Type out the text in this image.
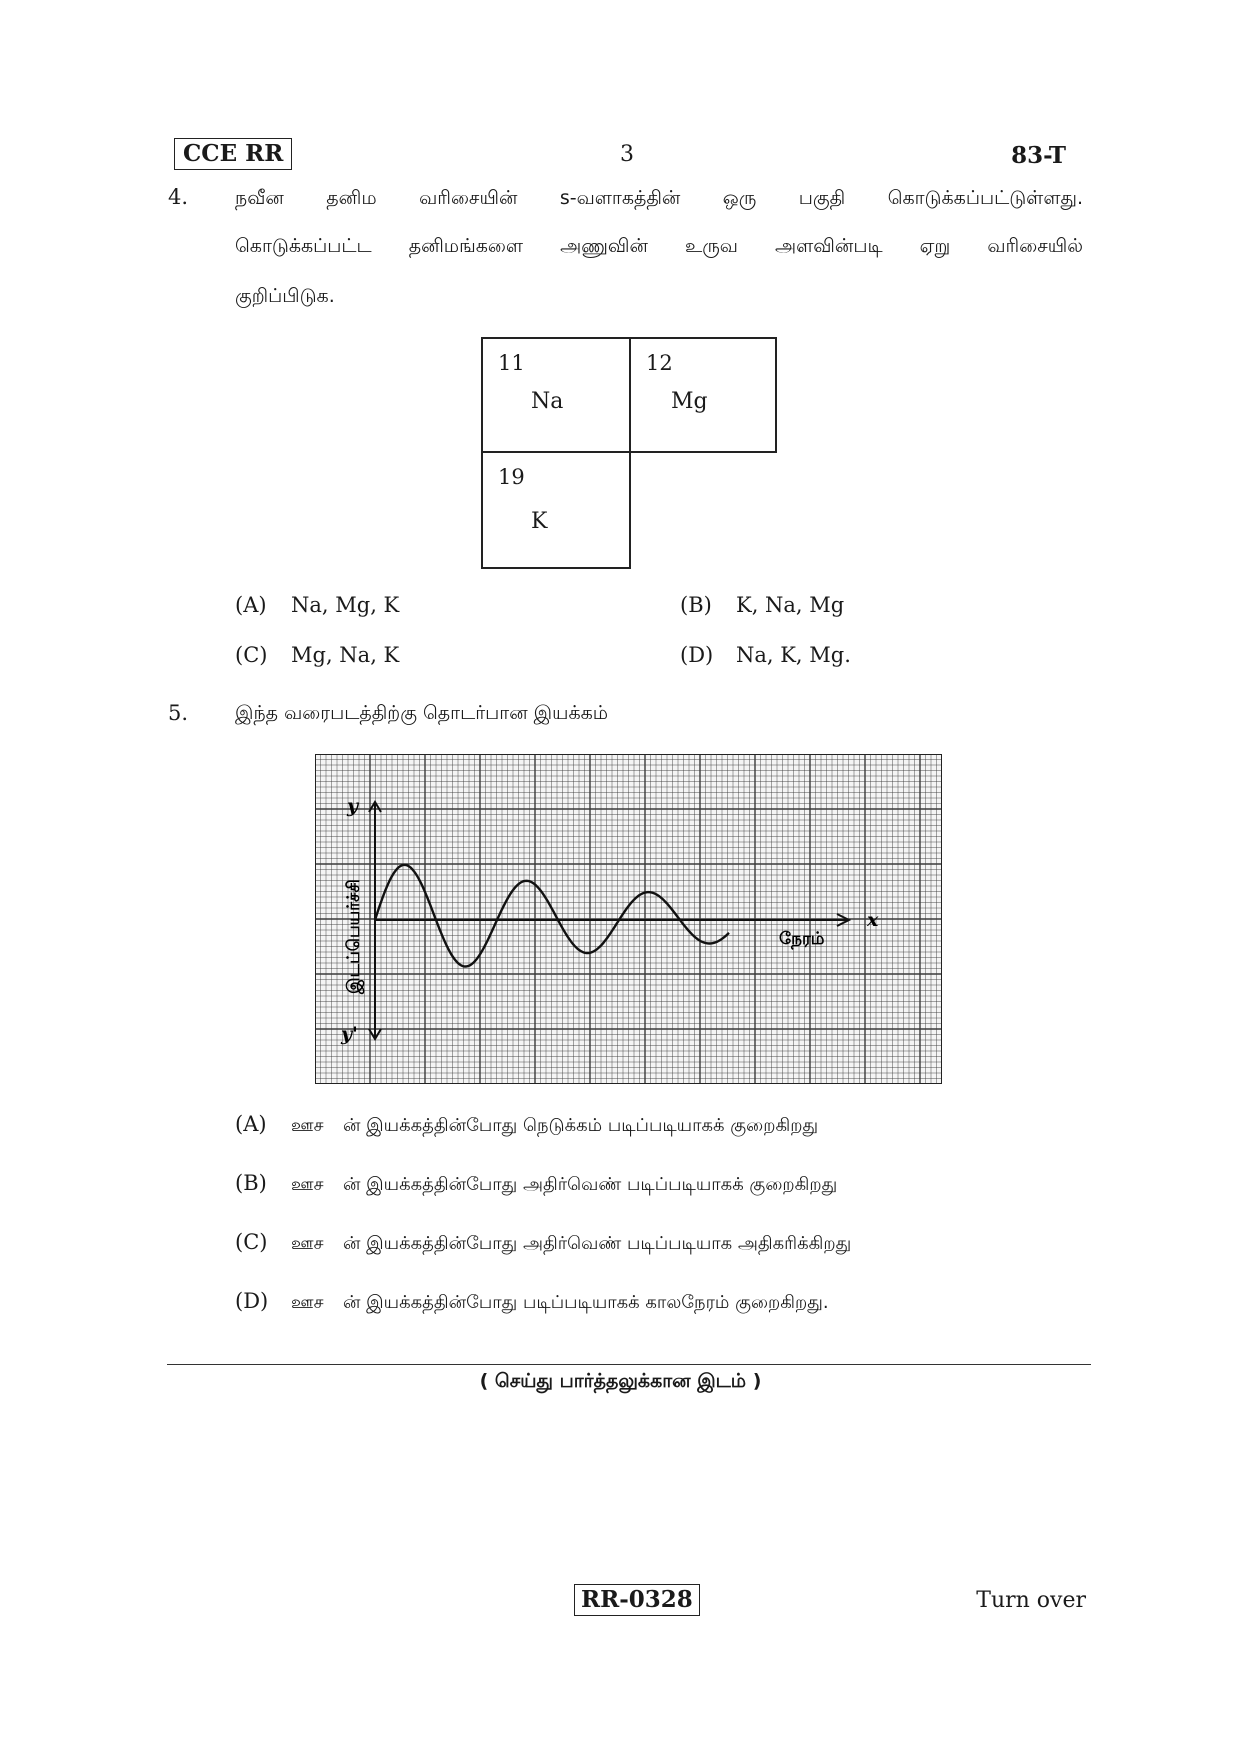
CCE RR	3	83-T
4. நவீன தனிம வரிசையின் s-வளாகத்தின் ஒரு பகுதி கொடுக்கப்பட்டுள்ளது.
கொடுக்கப்பட்ட தனிமங்களை அணுவின் உருவ அளவின்படி ஏறு வரிசையில்
குறிப்பிடுக.
11
Na
12
Mg
19
K
(A) Na, Mg, K	(B) K, Na, Mg
(C) Mg, Na, K	(D) Na, K, Mg.
5. இந்த வரைபடத்திற்கு தொடர்பான இயக்கம்
y
y'
x
நேரம்
இடப்பெயர்ச்சி
(A) ஊச ன் இயக்கத்தின்போது நெடுக்கம் படிப்படியாகக் குறைகிறது
(B) ஊச ன் இயக்கத்தின்போது அதிர்வெண் படிப்படியாகக் குறைகிறது
(C) ஊச ன் இயக்கத்தின்போது அதிர்வெண் படிப்படியாக அதிகரிக்கிறது
(D) ஊச ன் இயக்கத்தின்போது படிப்படியாகக் காலநேரம் குறைகிறது.
( செய்து பார்த்தலுக்கான இடம் )
RR-0328	Turn over
